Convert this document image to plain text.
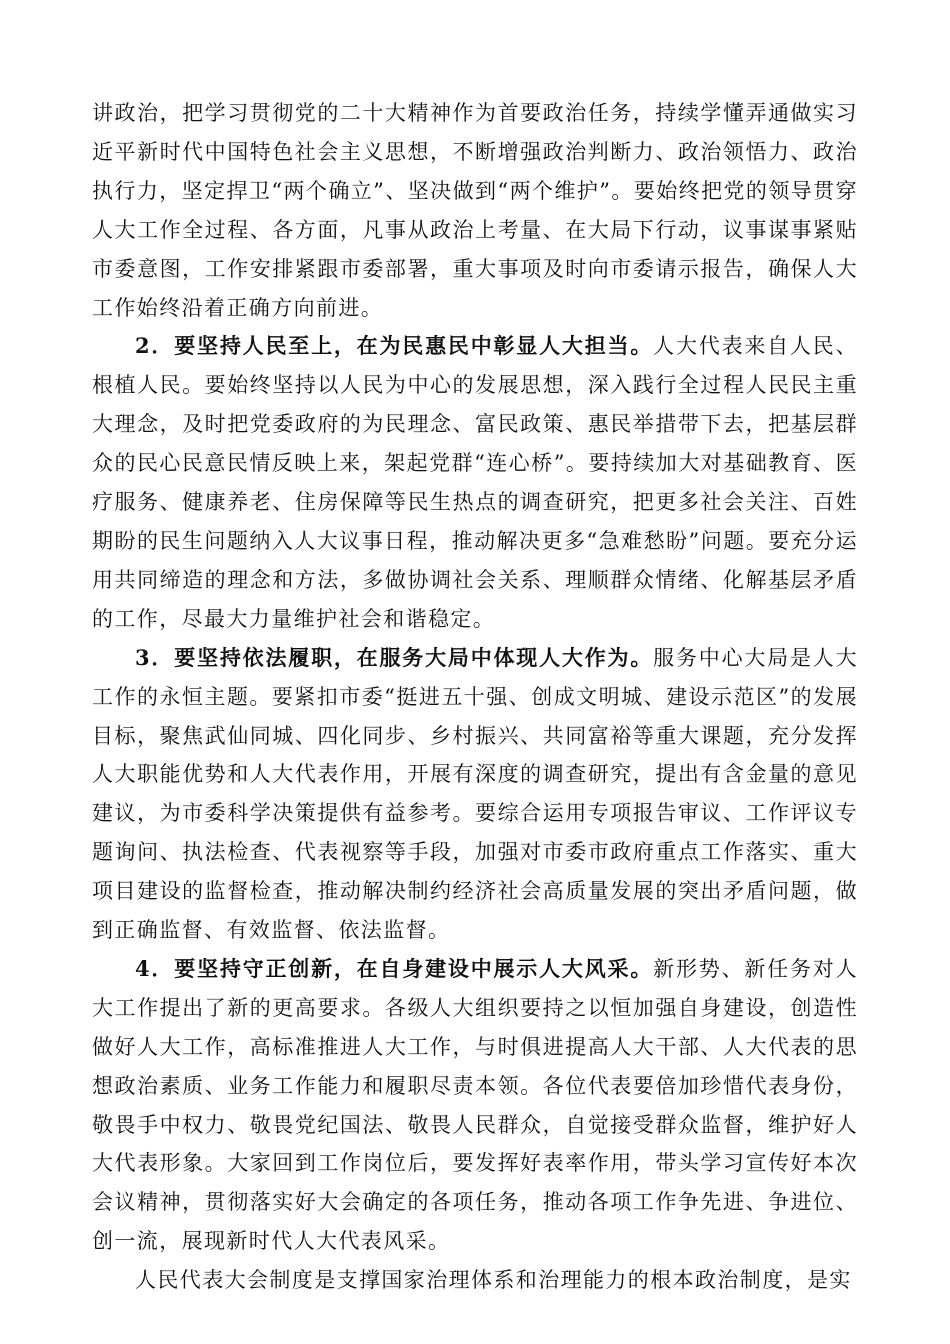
讲政治，把学习贯彻党的二十大精神作为首要政治任务，持续学懂弄通做实习近平新时代中国特色社会主义思想，不断增强政治判断力、政治领悟力、政治执行力，坚定捍卫“两个确立”、坚决做到“两个维护”。要始终把党的领导贯穿人大工作全过程、各方面，凡事从政治上考量、在大局下行动，议事谋事紧贴市委意图，工作安排紧跟市委部署，重大事项及时向市委请示报告，确保人大工作始终沿着正确方向前进。

2．要坚持人民至上，在为民惠民中彰显人大担当。人大代表来自人民、根植人民。要始终坚持以人民为中心的发展思想，深入践行全过程人民民主重大理念，及时把党委政府的为民理念、富民政策、惠民举措带下去，把基层群众的民心民意民情反映上来，架起党群“连心桥”。要持续加大对基础教育、医疗服务、健康养老、住房保障等民生热点的调查研究，把更多社会关注、百姓期盼的民生问题纳入人大议事日程，推动解决更多“急难愁盼”问题。要充分运用共同缔造的理念和方法，多做协调社会关系、理顺群众情绪、化解基层矛盾的工作，尽最大力量维护社会和谐稳定。

3．要坚持依法履职，在服务大局中体现人大作为。服务中心大局是人大工作的永恒主题。要紧扣市委“挺进五十强、创成文明城、建设示范区”的发展目标，聚焦武仙同城、四化同步、乡村振兴、共同富裕等重大课题，充分发挥人大职能优势和人大代表作用，开展有深度的调查研究，提出有含金量的意见建议，为市委科学决策提供有益参考。要综合运用专项报告审议、工作评议专题询问、执法检查、代表视察等手段，加强对市委市政府重点工作落实、重大项目建设的监督检查，推动解决制约经济社会高质量发展的突出矛盾问题，做到正确监督、有效监督、依法监督。

4．要坚持守正创新，在自身建设中展示人大风采。新形势、新任务对人大工作提出了新的更高要求。各级人大组织要持之以恒加强自身建设，创造性做好人大工作，高标准推进人大工作，与时俱进提高人大干部、人大代表的思想政治素质、业务工作能力和履职尽责本领。各位代表要倍加珍惜代表身份，敬畏手中权力、敬畏党纪国法、敬畏人民群众，自觉接受群众监督，维护好人大代表形象。大家回到工作岗位后，要发挥好表率作用，带头学习宣传好本次会议精神，贯彻落实好大会确定的各项任务，推动各项工作争先进、争进位、创一流，展现新时代人大代表风采。

人民代表大会制度是支撑国家治理体系和治理能力的根本政治制度，是实
